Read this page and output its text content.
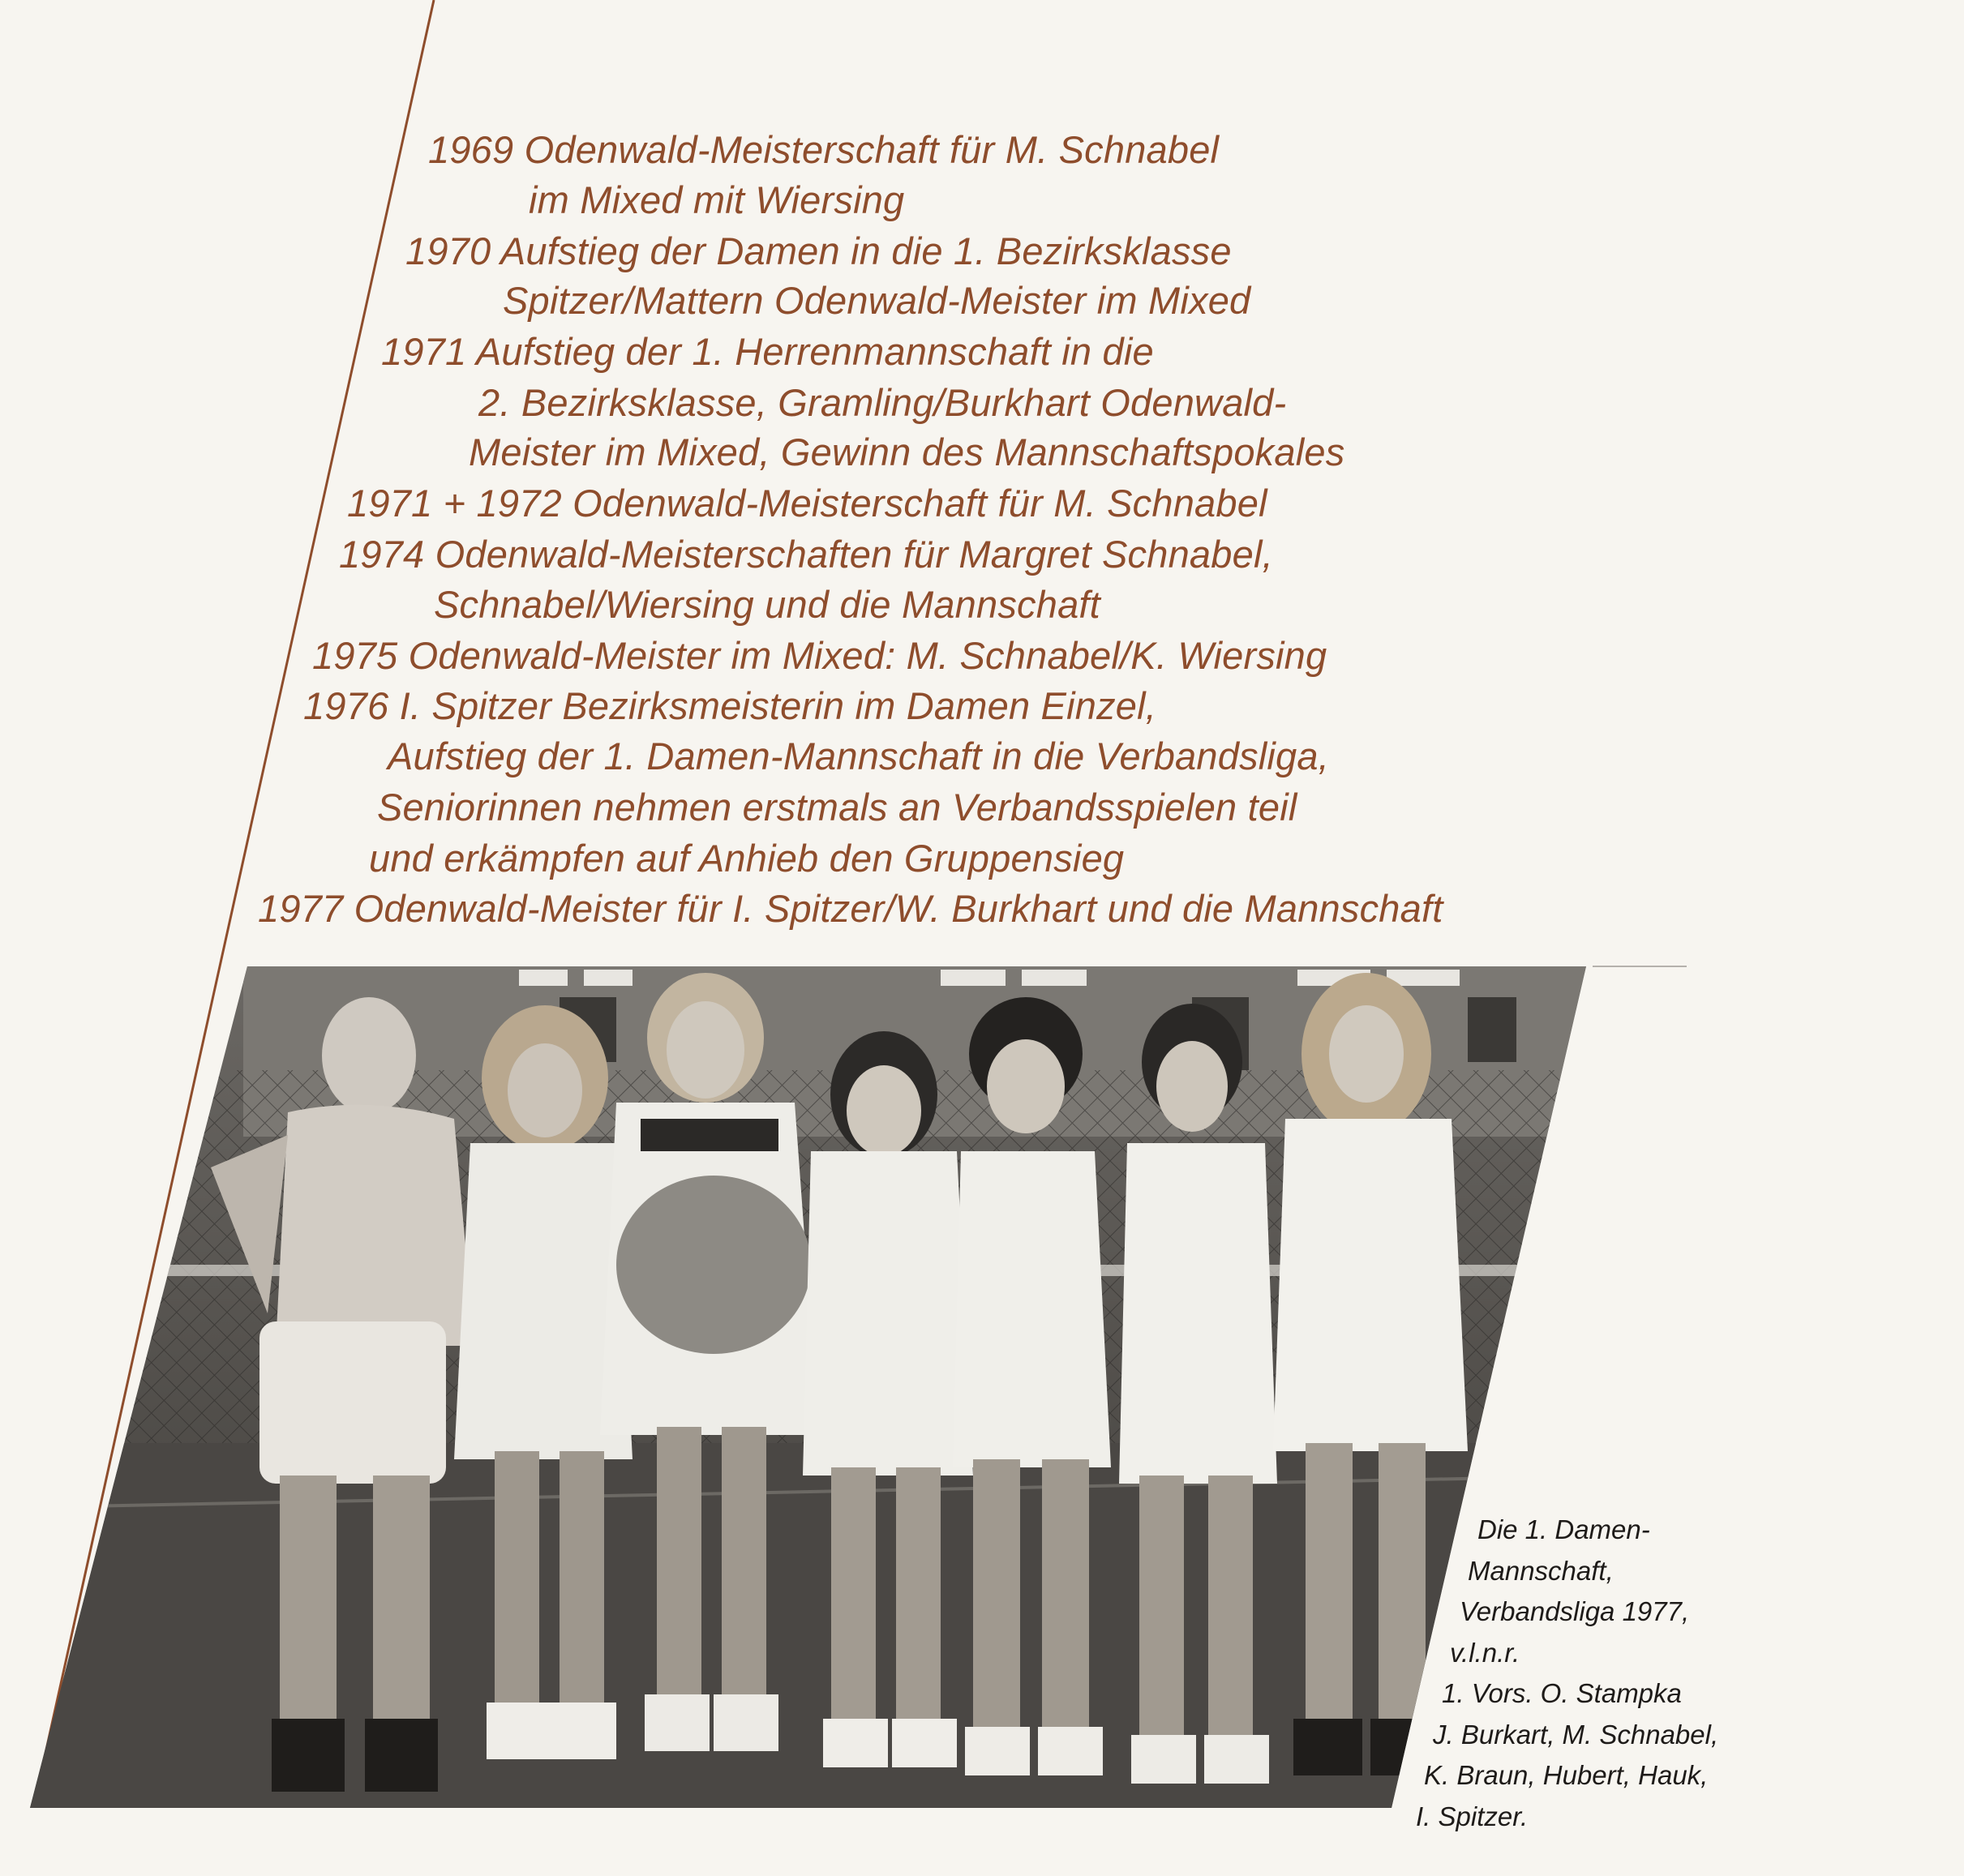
1969 Odenwald-Meisterschaft für M. Schnabel
im Mixed mit Wiersing
1970 Aufstieg der Damen in die 1. Bezirksklasse
Spitzer/Mattern Odenwald-Meister im Mixed
1971 Aufstieg der 1. Herrenmannschaft in die
2. Bezirksklasse, Gramling/Burkhart Odenwald-
Meister im Mixed, Gewinn des Mannschaftspokales
1971 + 1972 Odenwald-Meisterschaft für M. Schnabel
1974 Odenwald-Meisterschaften für Margret Schnabel,
Schnabel/Wiersing und die Mannschaft
1975 Odenwald-Meister im Mixed: M. Schnabel/K. Wiersing
1976 I. Spitzer Bezirksmeisterin im Damen Einzel,
Aufstieg der 1. Damen-Mannschaft in die Verbandsliga,
Seniorinnen nehmen erstmals an Verbandsspielen teil
und erkämpfen auf Anhieb den Gruppensieg
1977 Odenwald-Meister für I. Spitzer/W. Burkhart und die Mannschaft
Die 1. Damen-
Mannschaft,
Verbandsliga 1977,
v.l.n.r.
1. Vors. O. Stampka
J. Burkart, M. Schnabel,
K. Braun, Hubert, Hauk,
I. Spitzer.
